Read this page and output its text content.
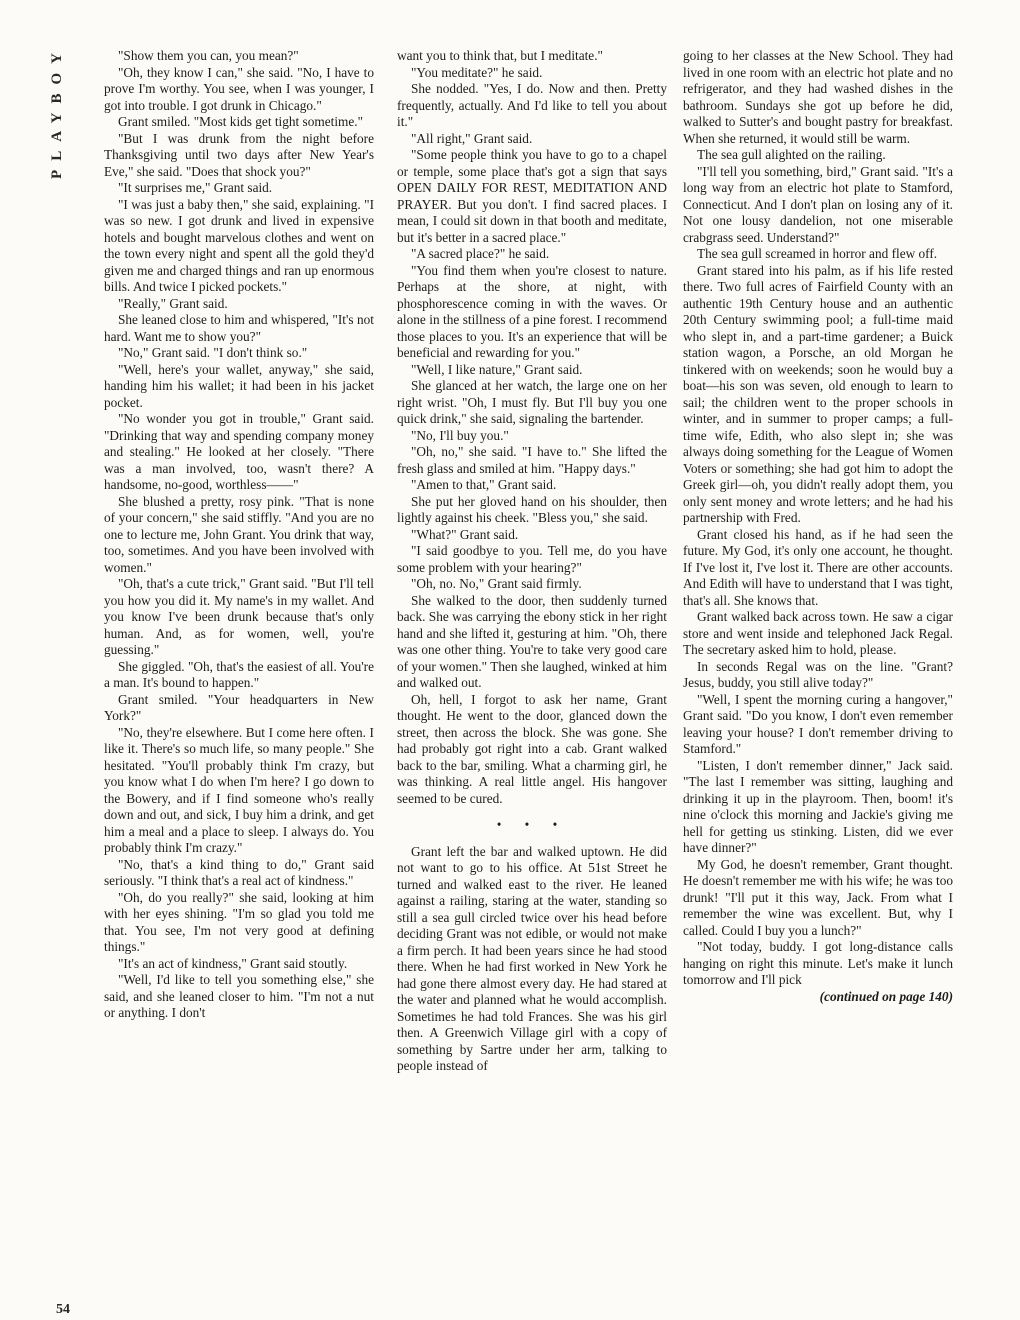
PLAYBOY	"Show them you can, you mean?"

"Oh, they know I can," she said. "No, I have to prove I'm worthy. You see, when I was younger, I got into trouble. I got drunk in Chicago."

Grant smiled. "Most kids get tight sometime."

"But I was drunk from the night before Thanksgiving until two days after New Year's Eve," she said. "Does that shock you?"

"It surprises me," Grant said.

"I was just a baby then," she said, explaining. "I was so new. I got drunk and lived in expensive hotels and bought marvelous clothes and went on the town every night and spent all the gold they'd given me and charged things and ran up enormous bills. And twice I picked pockets."

"Really," Grant said.

She leaned close to him and whispered, "It's not hard. Want me to show you?"

"No," Grant said. "I don't think so."

"Well, here's your wallet, anyway," she said, handing him his wallet; it had been in his jacket pocket.

"No wonder you got in trouble," Grant said. "Drinking that way and spending company money and stealing." He looked at her closely. "There was a man involved, too, wasn't there? A handsome, no-good, worthless——"

She blushed a pretty, rosy pink. "That is none of your concern," she said stiffly. "And you are no one to lecture me, John Grant. You drink that way, too, sometimes. And you have been involved with women."

"Oh, that's a cute trick," Grant said. "But I'll tell you how you did it. My name's in my wallet. And you know I've been drunk because that's only human. And, as for women, well, you're guessing."

She giggled. "Oh, that's the easiest of all. You're a man. It's bound to happen."

Grant smiled. "Your headquarters in New York?"

"No, they're elsewhere. But I come here often. I like it. There's so much life, so many people." She hesitated. "You'll probably think I'm crazy, but you know what I do when I'm here? I go down to the Bowery, and if I find someone who's really down and out, and sick, I buy him a drink, and get him a meal and a place to sleep. I always do. You probably think I'm crazy."

"No, that's a kind thing to do," Grant said seriously. "I think that's a real act of kindness."

"Oh, do you really?" she said, looking at him with her eyes shining. "I'm so glad you told me that. You see, I'm not very good at defining things."

"It's an act of kindness," Grant said stoutly.

"Well, I'd like to tell you something else," she said, and she leaned closer to him. "I'm not a nut or anything. I don't

want you to think that, but I meditate."

"You meditate?" he said.

She nodded. "Yes, I do. Now and then. Pretty frequently, actually. And I'd like to tell you about it."

"All right," Grant said.

"Some people think you have to go to a chapel or temple, some place that's got a sign that says OPEN DAILY FOR REST, MEDITATION AND PRAYER. But you don't. I find sacred places. I mean, I could sit down in that booth and meditate, but it's better in a sacred place."

"A sacred place?" he said.

"You find them when you're closest to nature. Perhaps at the shore, at night, with phosphorescence coming in with the waves. Or alone in the stillness of a pine forest. I recommend those places to you. It's an experience that will be beneficial and rewarding for you."

"Well, I like nature," Grant said.

She glanced at her watch, the large one on her right wrist. "Oh, I must fly. But I'll buy you one quick drink," she said, signaling the bartender.

"No, I'll buy you."

"Oh, no," she said. "I have to." She lifted the fresh glass and smiled at him. "Happy days."

"Amen to that," Grant said.

She put her gloved hand on his shoulder, then lightly against his cheek. "Bless you," she said.

"What?" Grant said.

"I said goodbye to you. Tell me, do you have some problem with your hearing?"

"Oh, no. No," Grant said firmly.

She walked to the door, then suddenly turned back. She was carrying the ebony stick in her right hand and she lifted it, gesturing at him. "Oh, there was one other thing. You're to take very good care of your women." Then she laughed, winked at him and walked out.

Oh, hell, I forgot to ask her name, Grant thought. He went to the door, glanced down the street, then across the block. She was gone. She had probably got right into a cab. Grant walked back to the bar, smiling. What a charming girl, he was thinking. A real little angel. His hangover seemed to be cured.

• • •

Grant left the bar and walked uptown. He did not want to go to his office. At 51st Street he turned and walked east to the river. He leaned against a railing, staring at the water, standing so still a sea gull circled twice over his head before deciding Grant was not edible, or would not make a firm perch. It had been years since he had stood there. When he had first worked in New York he had gone there almost every day. He had stared at the water and planned what he would accomplish. Sometimes he had told Frances. She was his girl then. A Greenwich Village girl with a copy of something by Sartre under her arm, talking to people instead of

going to her classes at the New School. They had lived in one room with an electric hot plate and no refrigerator, and they had washed dishes in the bathroom. Sundays she got up before he did, walked to Sutter's and bought pastry for breakfast. When she returned, it would still be warm.

The sea gull alighted on the railing.

"I'll tell you something, bird," Grant said. "It's a long way from an electric hot plate to Stamford, Connecticut. And I don't plan on losing any of it. Not one lousy dandelion, not one miserable crabgrass seed. Understand?"

The sea gull screamed in horror and flew off.

Grant stared into his palm, as if his life rested there. Two full acres of Fairfield County with an authentic 19th Century house and an authentic 20th Century swimming pool; a full-time maid who slept in, and a part-time gardener; a Buick station wagon, a Porsche, an old Morgan he tinkered with on weekends; soon he would buy a boat—his son was seven, old enough to learn to sail; the children went to the proper schools in winter, and in summer to proper camps; a full-time wife, Edith, who also slept in; she was always doing something for the League of Women Voters or something; she had got him to adopt the Greek girl—oh, you didn't really adopt them, you only sent money and wrote letters; and he had his partnership with Fred.

Grant closed his hand, as if he had seen the future. My God, it's only one account, he thought. If I've lost it, I've lost it. There are other accounts. And Edith will have to understand that I was tight, that's all. She knows that.

Grant walked back across town. He saw a cigar store and went inside and telephoned Jack Regal. The secretary asked him to hold, please.

In seconds Regal was on the line. "Grant? Jesus, buddy, you still alive today?"

"Well, I spent the morning curing a hangover," Grant said. "Do you know, I don't even remember leaving your house? I don't remember driving to Stamford."

"Listen, I don't remember dinner," Jack said. "The last I remember was sitting, laughing and drinking it up in the playroom. Then, boom! it's nine o'clock this morning and Jackie's giving me hell for getting us stinking. Listen, did we ever have dinner?"

My God, he doesn't remember, Grant thought. He doesn't remember me with his wife; he was too drunk! "I'll put it this way, Jack. From what I remember the wine was excellent. But, why I called. Could I buy you a lunch?"

"Not today, buddy. I got long-distance calls hanging on right this minute. Let's make it lunch tomorrow and I'll pick

(continued on page 140)

54
